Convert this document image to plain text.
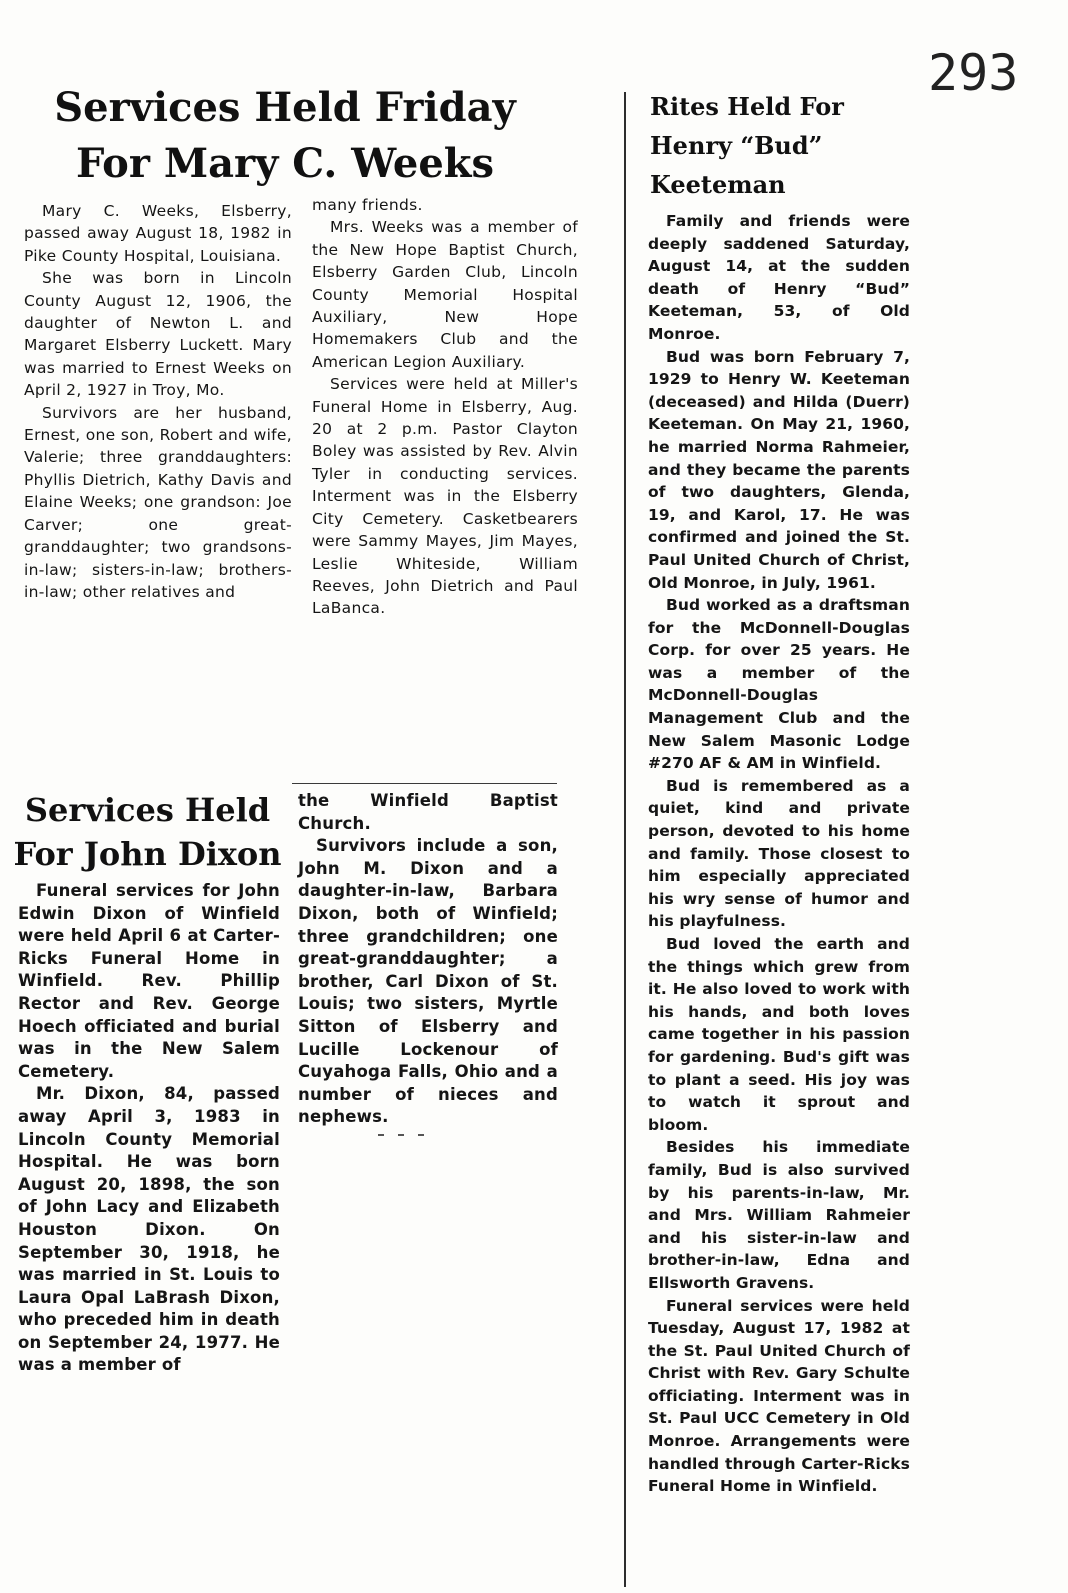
293
Services Held Friday For Mary C. Weeks

Mary C. Weeks, Elsberry, passed away August 18, 1982 in Pike County Hospital, Louisiana.

She was born in Lincoln County August 12, 1906, the daughter of Newton L. and Margaret Elsberry Luckett. Mary was married to Ernest Weeks on April 2, 1927 in Troy, Mo.

Survivors are her husband, Ernest, one son, Robert and wife, Valerie; three granddaughters: Phyllis Dietrich, Kathy Davis and Elaine Weeks; one grandson: Joe Carver; one great-granddaughter; two grandsons-in-law; sisters-in-law; brothers-in-law; other relatives and

many friends.

Mrs. Weeks was a member of the New Hope Baptist Church, Elsberry Garden Club, Lincoln County Memorial Hospital Auxiliary, New Hope Homemakers Club and the American Legion Auxiliary.

Services were held at Miller's Funeral Home in Elsberry, Aug. 20 at 2 p.m. Pastor Clayton Boley was assisted by Rev. Alvin Tyler in conducting services. Interment was in the Elsberry City Cemetery. Casketbearers were Sammy Mayes, Jim Mayes, Leslie Whiteside, William Reeves, John Dietrich and Paul LaBanca.

Services Held For John Dixon

Funeral services for John Edwin Dixon of Winfield were held April 6 at Carter-Ricks Funeral Home in Winfield. Rev. Phillip Rector and Rev. George Hoech officiated and burial was in the New Salem Cemetery.

Mr. Dixon, 84, passed away April 3, 1983 in Lincoln County Memorial Hospital. He was born August 20, 1898, the son of John Lacy and Elizabeth Houston Dixon. On September 30, 1918, he was married in St. Louis to Laura Opal LaBrash Dixon, who preceded him in death on September 24, 1977. He was a member of

the Winfield Baptist Church.

Survivors include a son, John M. Dixon and a daughter-in-law, Barbara Dixon, both of Winfield; three grandchildren; one great-granddaughter; a brother, Carl Dixon of St. Louis; two sisters, Myrtle Sitton of Elsberry and Lucille Lockenour of Cuyahoga Falls, Ohio and a number of nieces and nephews.

Rites Held For Henry “Bud” Keeteman

Family and friends were deeply saddened Saturday, August 14, at the sudden death of Henry “Bud” Keeteman, 53, of Old Monroe.

Bud was born February 7, 1929 to Henry W. Keeteman (deceased) and Hilda (Duerr) Keeteman. On May 21, 1960, he married Norma Rahmeier, and they became the parents of two daughters, Glenda, 19, and Karol, 17. He was confirmed and joined the St. Paul United Church of Christ, Old Monroe, in July, 1961.

Bud worked as a draftsman for the McDonnell-Douglas Corp. for over 25 years. He was a member of the McDonnell-Douglas Management Club and the New Salem Masonic Lodge #270 AF & AM in Winfield.

Bud is remembered as a quiet, kind and private person, devoted to his home and family. Those closest to him especially appreciated his wry sense of humor and his playfulness.

Bud loved the earth and the things which grew from it. He also loved to work with his hands, and both loves came together in his passion for gardening. Bud's gift was to plant a seed. His joy was to watch it sprout and bloom.

Besides his immediate family, Bud is also survived by his parents-in-law, Mr. and Mrs. William Rahmeier and his sister-in-law and brother-in-law, Edna and Ellsworth Gravens.

Funeral services were held Tuesday, August 17, 1982 at the St. Paul United Church of Christ with Rev. Gary Schulte officiating. Interment was in St. Paul UCC Cemetery in Old Monroe. Arrangements were handled through Carter-Ricks Funeral Home in Winfield.
